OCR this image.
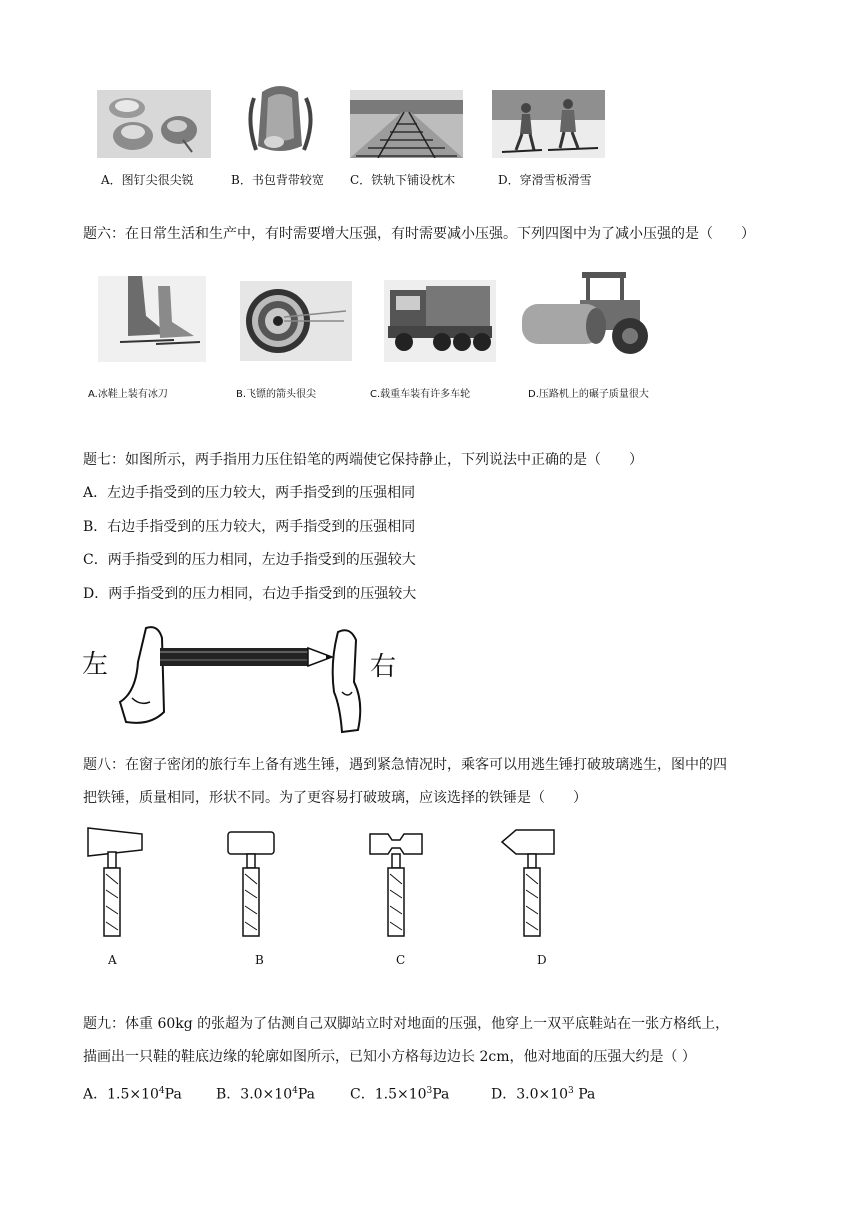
A．图钉尖很尖锐	B．书包背带较宽 C．铁轨下铺设枕木	D．穿滑雪板滑雪
题六：在日常生活和生产中，有时需要增大压强，有时需要减小压强。下列四图中为了减小压强的是（　　）
A.冰鞋上装有冰刀	B.飞镖的箭头很尖	C.载重车装有许多车轮	D.压路机上的碾子质量很大
题七：如图所示，两手指用力压住铅笔的两端使它保持静止，下列说法中正确的是（　　）
A．左边手指受到的压力较大，两手指受到的压强相同
B．右边手指受到的压力较大，两手指受到的压强相同
C．两手指受到的压力相同，左边手指受到的压强较大
D．两手指受到的压力相同，右边手指受到的压强较大
左	右
题八：在窗子密闭的旅行车上备有逃生锤，遇到紧急情况时，乘客可以用逃生锤打破玻璃逃生，图中的四
把铁锤，质量相同，形状不同。为了更容易打破玻璃，应该选择的铁锤是（　　）
A	B	C	D
题九：体重 60kg 的张超为了估测自己双脚站立时对地面的压强，他穿上一双平底鞋站在一张方格纸上，
描画出一只鞋的鞋底边缘的轮廓如图所示，已知小方格每边边长 2cm，他对地面的压强大约是（ ）
A．$1.5\times 10^4Pa$ B．$3.0\times 10^4Pa$	C．$1.5\times 10^3Pa$	D．$3.0\times 10^3$ Pa
